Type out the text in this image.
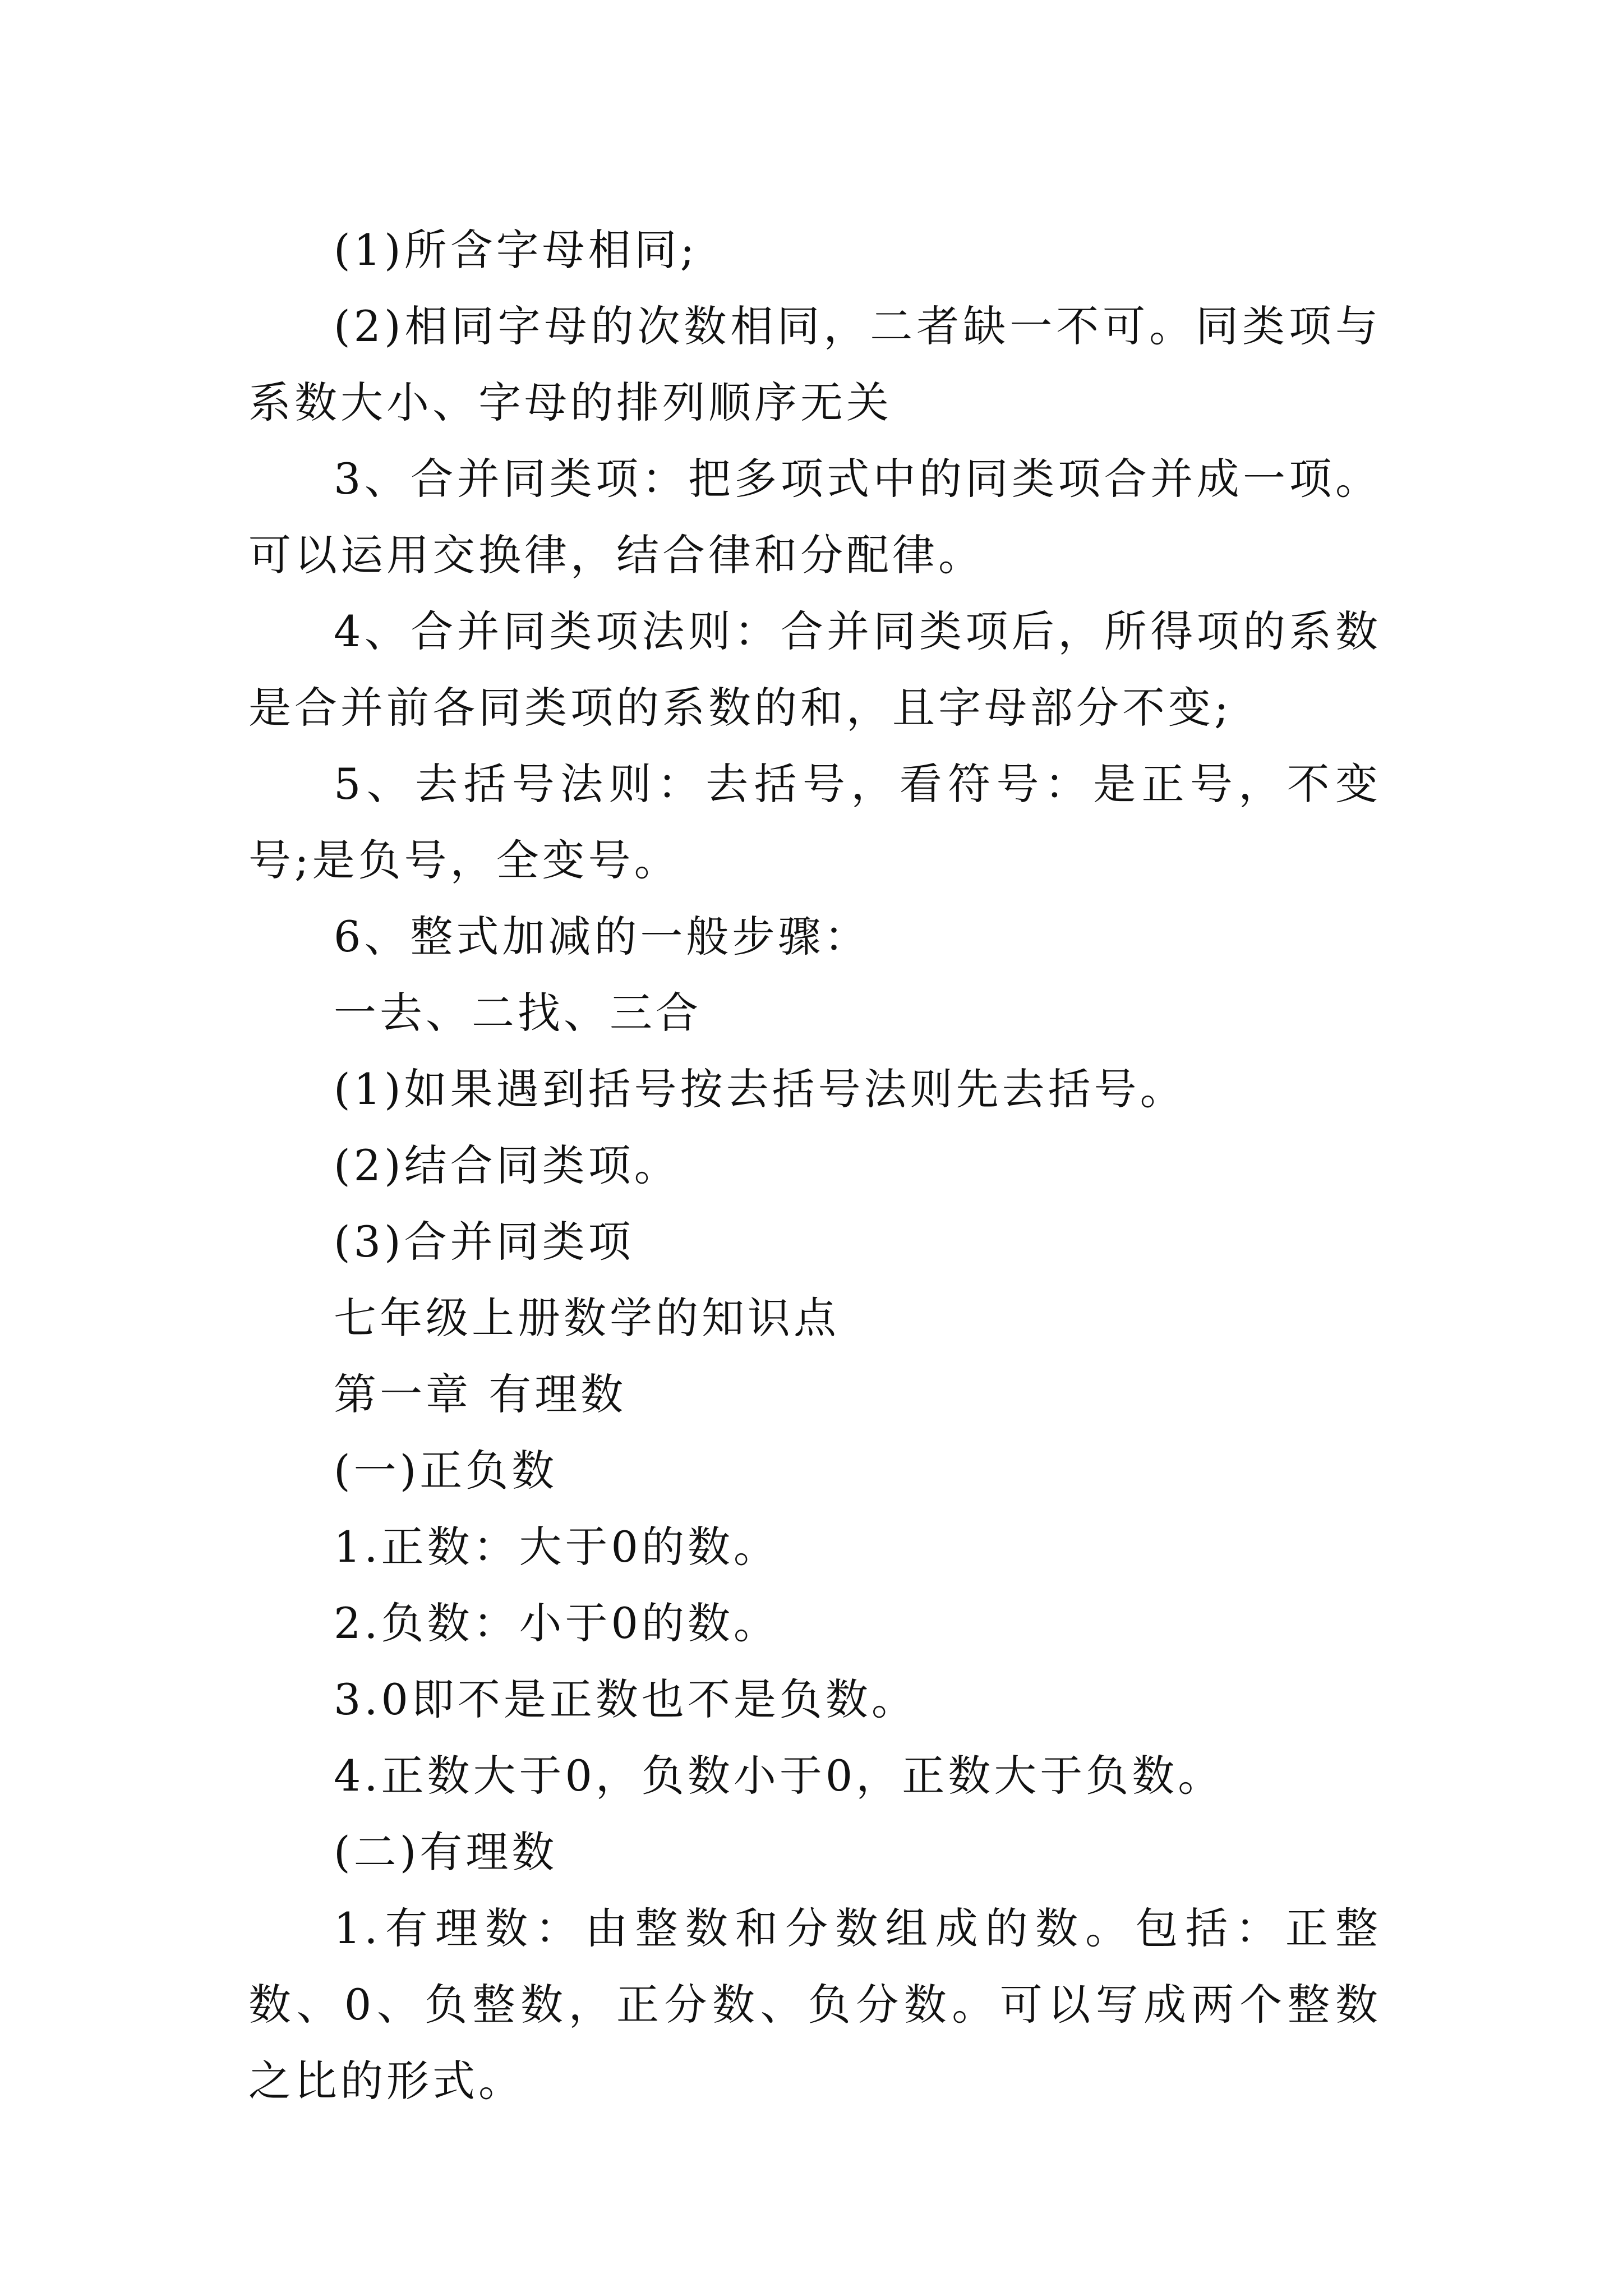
(1)所含字母相同;

(2)相同字母的次数相同，二者缺一不可。同类项与系数大小、字母的排列顺序无关

3、合并同类项：把多项式中的同类项合并成一项。可以运用交换律，结合律和分配律。

4、合并同类项法则：合并同类项后，所得项的系数是合并前各同类项的系数的和，且字母部分不变;

5、去括号法则：去括号，看符号：是正号，不变号;是负号，全变号。

6、整式加减的一般步骤：

一去、二找、三合

(1)如果遇到括号按去括号法则先去括号。

(2)结合同类项。

(3)合并同类项

七年级上册数学的知识点

第一章 有理数

(一)正负数

1.正数：大于0的数。

2.负数：小于0的数。

3.0即不是正数也不是负数。

4.正数大于0，负数小于0，正数大于负数。

(二)有理数

1.有理数：由整数和分数组成的数。包括：正整数、0、负整数，正分数、负分数。可以写成两个整数之比的形式。
